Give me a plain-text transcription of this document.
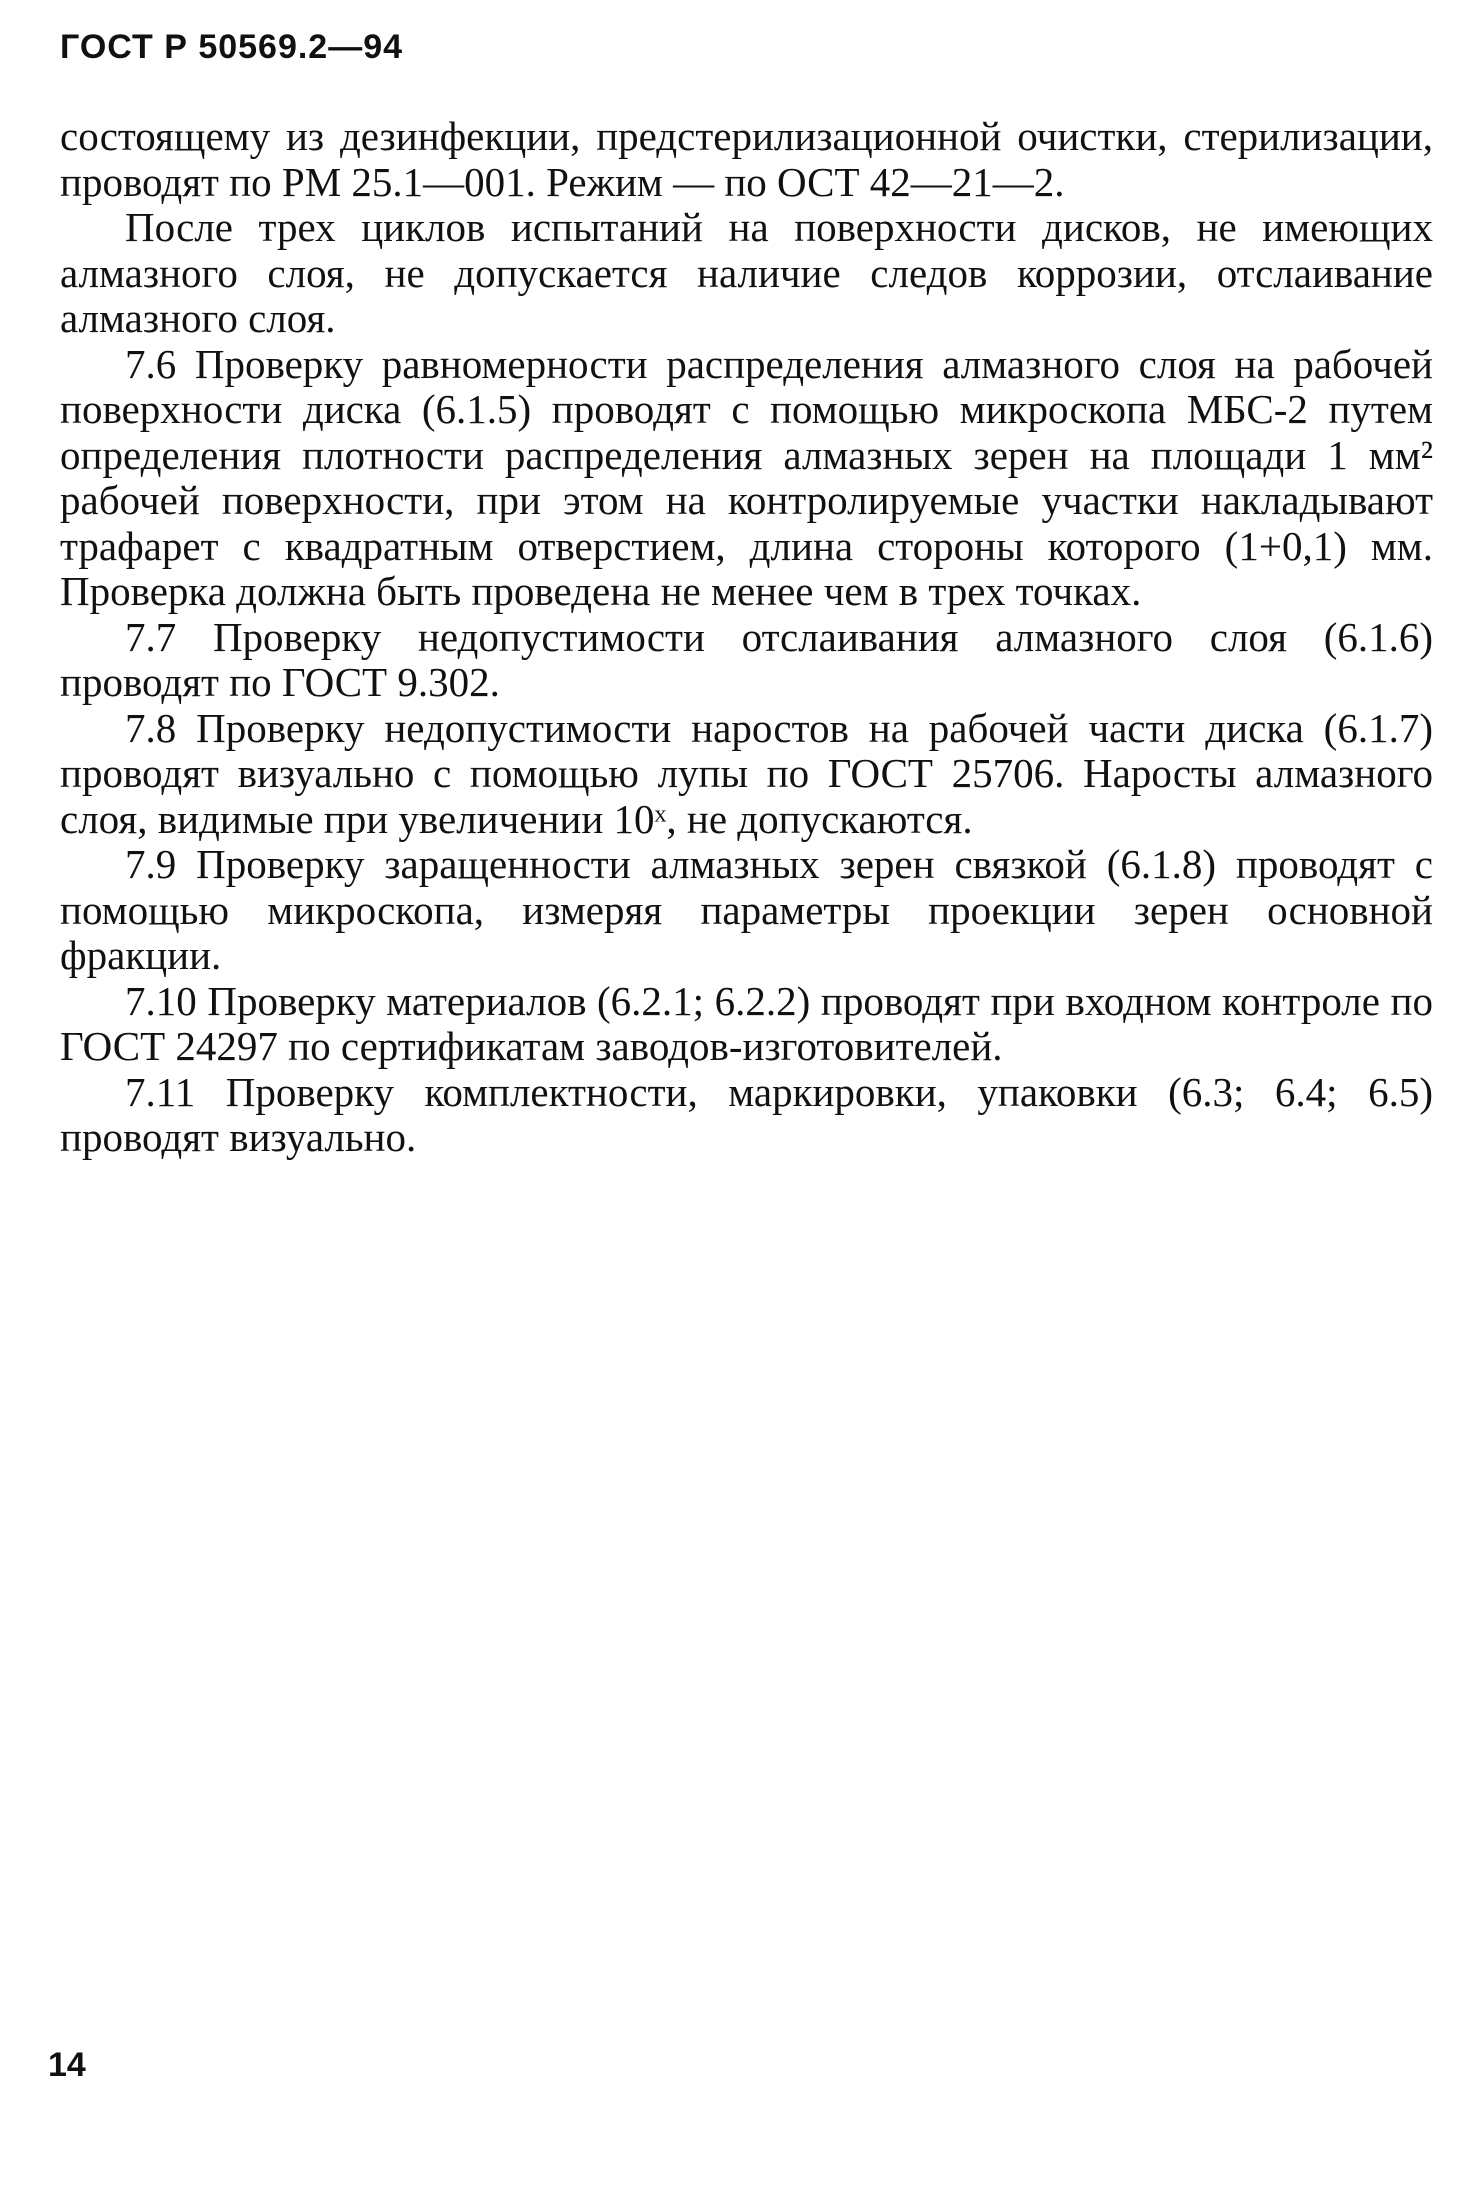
ГОСТ Р 50569.2—94

состоящему из дезинфекции, предстерилизационной очистки, стерилизации, проводят по РМ 25.1—001. Режим — по ОСТ 42—21—2.

После трех циклов испытаний на поверхности дисков, не имеющих алмазного слоя, не допускается наличие следов коррозии, отслаивание алмазного слоя.

7.6 Проверку равномерности распределения алмазного слоя на рабочей поверхности диска (6.1.5) проводят с помощью микроскопа МБС-2 путем определения плотности распределения алмазных зерен на площади 1 мм² рабочей поверхности, при этом на контролируемые участки накладывают трафарет с квадратным отверстием, длина стороны которого (1+0,1) мм. Проверка должна быть проведена не менее чем в трех точках.

7.7 Проверку недопустимости отслаивания алмазного слоя (6.1.6) проводят по ГОСТ 9.302.

7.8 Проверку недопустимости наростов на рабочей части диска (6.1.7) проводят визуально с помощью лупы по ГОСТ 25706. Наросты алмазного слоя, видимые при увеличении 10ˣ, не допускаются.

7.9 Проверку заращенности алмазных зерен связкой (6.1.8) проводят с помощью микроскопа, измеряя параметры проекции зерен основной фракции.

7.10 Проверку материалов (6.2.1; 6.2.2) проводят при входном контроле по ГОСТ 24297 по сертификатам заводов-изготовителей.

7.11 Проверку комплектности, маркировки, упаковки (6.3; 6.4; 6.5) проводят визуально.

14
